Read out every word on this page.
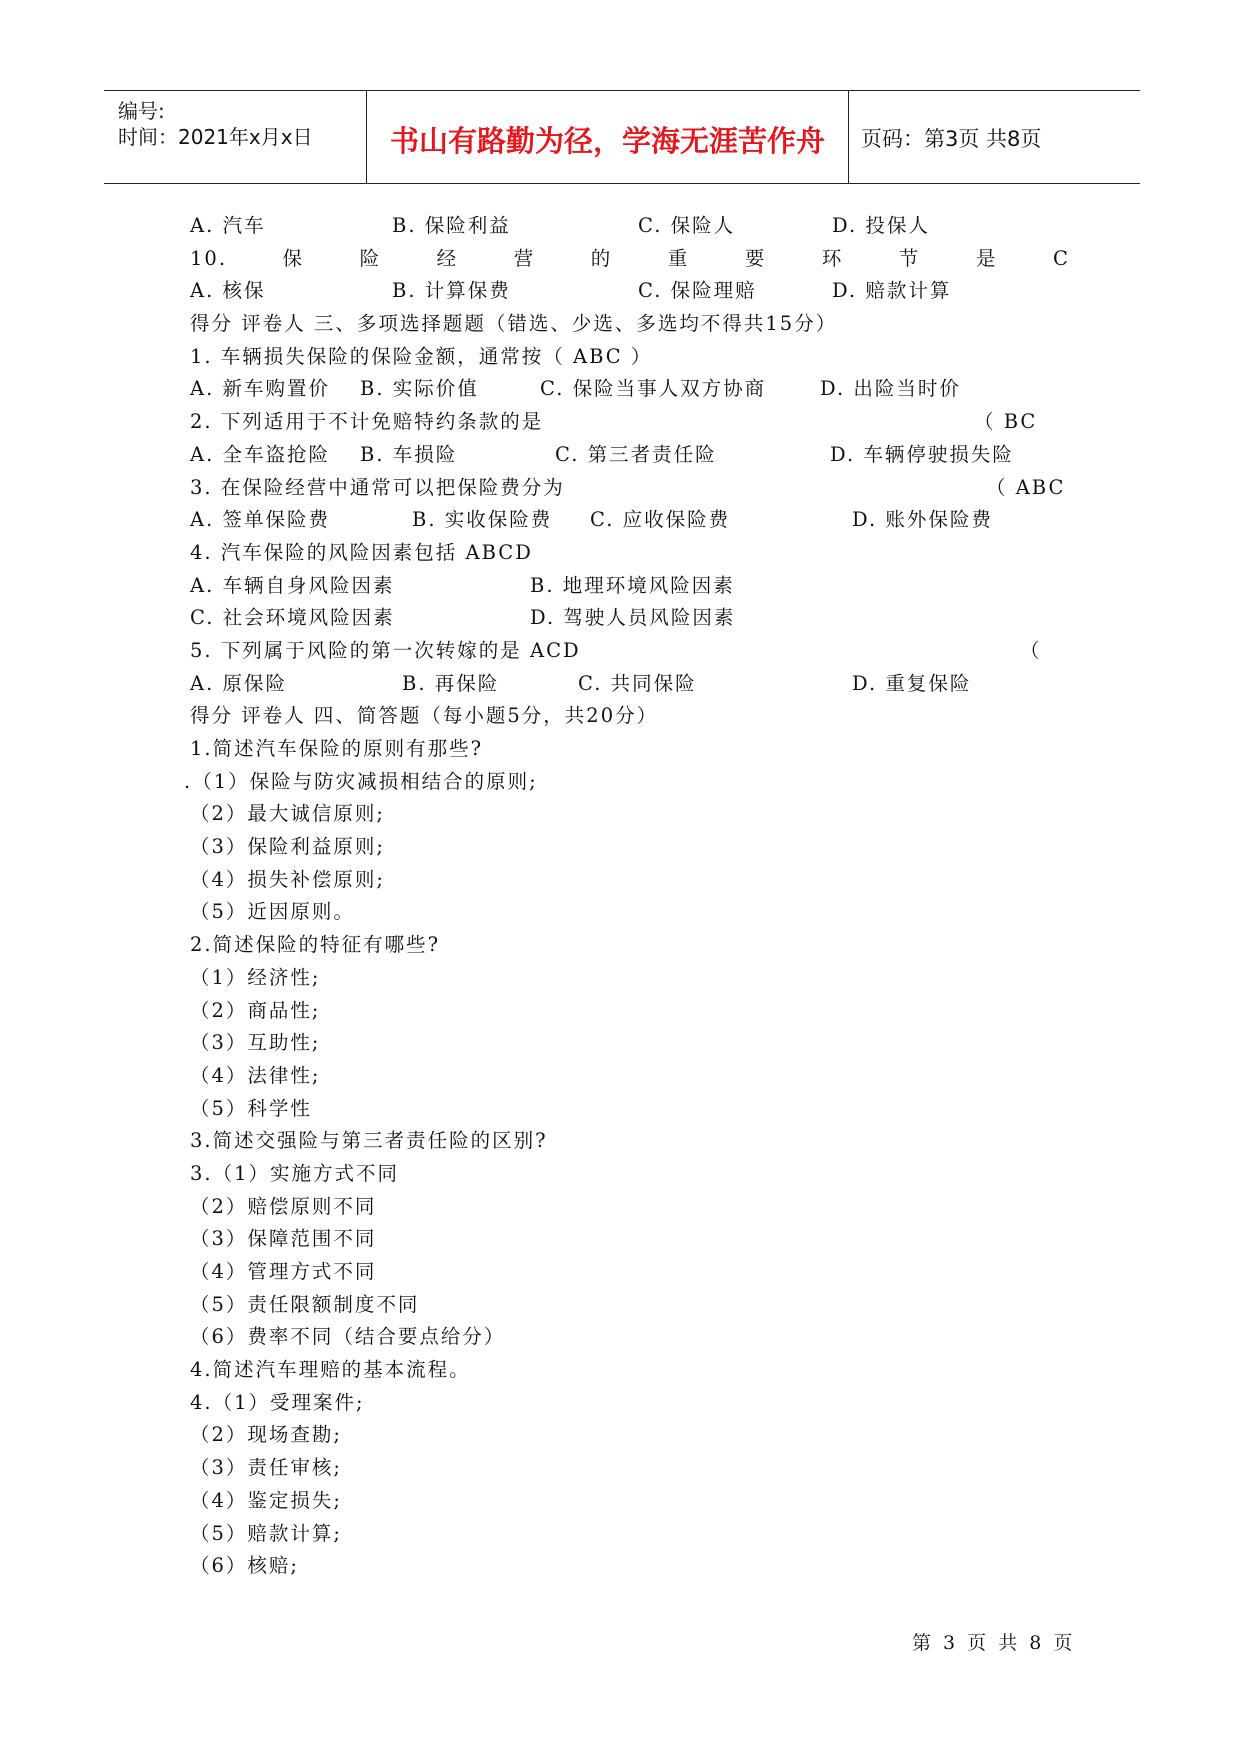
编号:
时间：2021年x月x日	书山有路勤为径，学海无涯苦作舟	页码：第3页 共8页
A. 汽车	B. 保险利益	C. 保险人	D. 投保人
10.	保	险	经	营	的	重	要	环	节	是	C
A. 核保	B. 计算保费	C. 保险理赔	D. 赔款计算
得分 评卷人 三、多项选择题题（错选、少选、多选均不得共15分）
1. 车辆损失保险的保险金额，通常按（ ABC ）
A. 新车购置价 B. 实际价值	C. 保险当事人双方协商	D. 出险当时价
2. 下列适用于不计免赔特约条款的是	（ BC
A. 全车盗抢险 B. 车损险	C. 第三者责任险	D. 车辆停驶损失险
3. 在保险经营中通常可以把保险费分为	（ ABC
A. 签单保险费	B. 实收保险费 C. 应收保险费	D. 账外保险费
4. 汽车保险的风险因素包括 ABCD
A. 车辆自身风险因素	B. 地理环境风险因素
C. 社会环境风险因素	D. 驾驶人员风险因素
5. 下列属于风险的第一次转嫁的是 ACD	（
A. 原保险	B. 再保险	C. 共同保险	D. 重复保险
得分 评卷人 四、简答题（每小题5分，共20分）
1.简述汽车保险的原则有那些?
.（1）保险与防灾减损相结合的原则;
（2）最大诚信原则;
（3）保险利益原则;
（4）损失补偿原则;
（5）近因原则。
2.简述保险的特征有哪些?
（1）经济性;
（2）商品性;
（3）互助性;
（4）法律性;
（5）科学性
3.简述交强险与第三者责任险的区别?
3.（1）实施方式不同
（2）赔偿原则不同
（3）保障范围不同
（4）管理方式不同
（5）责任限额制度不同
（6）费率不同（结合要点给分）
4.简述汽车理赔的基本流程。
4.（1）受理案件;
（2）现场查勘;
（3）责任审核;
（4）鉴定损失;
（5）赔款计算;
（6）核赔;
第 3 页 共 8 页
